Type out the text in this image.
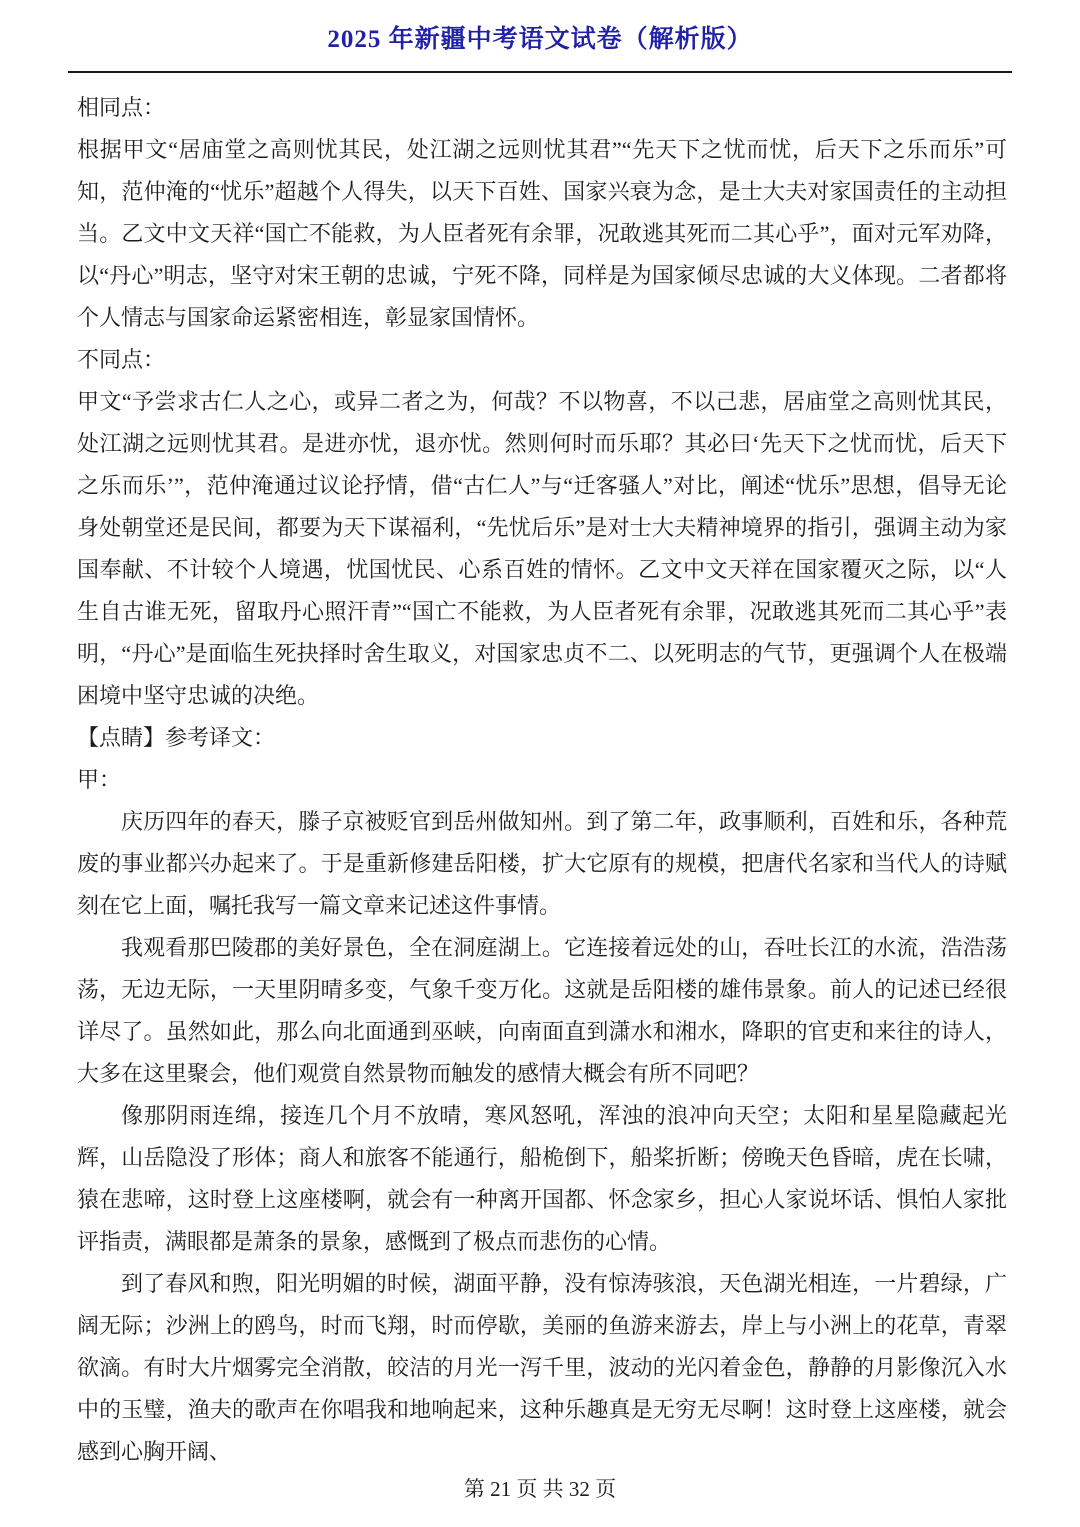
2025 年新疆中考语文试卷（解析版）

相同点：

根据甲文“居庙堂之高则忧其民，处江湖之远则忧其君”“先天下之忧而忧，后天下之乐而乐”可知，范仲淹的“忧乐”超越个人得失，以天下百姓、国家兴衰为念，是士大夫对家国责任的主动担当。乙文中文天祥“国亡不能救，为人臣者死有余罪，况敢逃其死而二其心乎”，面对元军劝降，以“丹心”明志，坚守对宋王朝的忠诚，宁死不降，同样是为国家倾尽忠诚的大义体现。二者都将个人情志与国家命运紧密相连，彰显家国情怀。

不同点：

甲文“予尝求古仁人之心，或异二者之为，何哉？不以物喜，不以己悲，居庙堂之高则忧其民，处江湖之远则忧其君。是进亦忧，退亦忧。然则何时而乐耶？其必曰‘先天下之忧而忧，后天下之乐而乐’”，范仲淹通过议论抒情，借“古仁人”与“迁客骚人”对比，阐述“忧乐”思想，倡导无论身处朝堂还是民间，都要为天下谋福利，“先忧后乐”是对士大夫精神境界的指引，强调主动为家国奉献、不计较个人境遇，忧国忧民、心系百姓的情怀。乙文中文天祥在国家覆灭之际，以“人生自古谁无死，留取丹心照汗青”“国亡不能救，为人臣者死有余罪，况敢逃其死而二其心乎”表明，“丹心”是面临生死抉择时舍生取义，对国家忠贞不二、以死明志的气节，更强调个人在极端困境中坚守忠诚的决绝。

【点睛】参考译文：

甲：

庆历四年的春天，滕子京被贬官到岳州做知州。到了第二年，政事顺利，百姓和乐，各种荒废的事业都兴办起来了。于是重新修建岳阳楼，扩大它原有的规模，把唐代名家和当代人的诗赋刻在它上面，嘱托我写一篇文章来记述这件事情。

我观看那巴陵郡的美好景色，全在洞庭湖上。它连接着远处的山，吞吐长江的水流，浩浩荡荡，无边无际，一天里阴晴多变，气象千变万化。这就是岳阳楼的雄伟景象。前人的记述已经很详尽了。虽然如此，那么向北面通到巫峡，向南面直到潇水和湘水，降职的官吏和来往的诗人，大多在这里聚会，他们观赏自然景物而触发的感情大概会有所不同吧？

像那阴雨连绵，接连几个月不放晴，寒风怒吼，浑浊的浪冲向天空；太阳和星星隐藏起光辉，山岳隐没了形体；商人和旅客不能通行，船桅倒下，船桨折断；傍晚天色昏暗，虎在长啸，猿在悲啼，这时登上这座楼啊，就会有一种离开国都、怀念家乡，担心人家说坏话、惧怕人家批评指责，满眼都是萧条的景象，感慨到了极点而悲伤的心情。

到了春风和煦，阳光明媚的时候，湖面平静，没有惊涛骇浪，天色湖光相连，一片碧绿，广阔无际；沙洲上的鸥鸟，时而飞翔，时而停歇，美丽的鱼游来游去，岸上与小洲上的花草，青翠欲滴。有时大片烟雾完全消散，皎洁的月光一泻千里，波动的光闪着金色，静静的月影像沉入水中的玉璧，渔夫的歌声在你唱我和地响起来，这种乐趣真是无穷无尽啊！这时登上这座楼，就会感到心胸开阔、

第 21 页 共 32 页
